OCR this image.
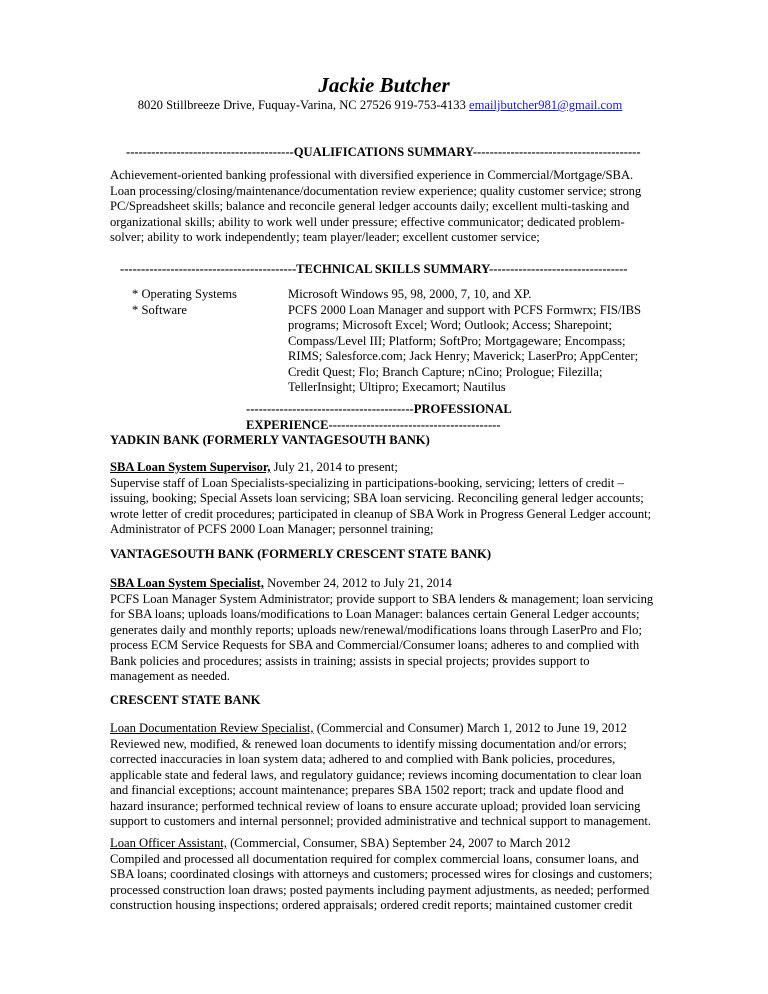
Jackie Butcher
8020 Stillbreeze Drive, Fuquay-Varina, NC 27526 919-753-4133 emailjbutcher981@gmail.com
----------------------------------------QUALIFICATIONS SUMMARY----------------------------------------
Achievement-oriented banking professional with diversified experience in Commercial/Mortgage/SBA.
Loan processing/closing/maintenance/documentation review experience; quality customer service; strong
PC/Spreadsheet skills; balance and reconcile general ledger accounts daily; excellent multi-tasking and
organizational skills; ability to work well under pressure; effective communicator; dedicated problem-
solver; ability to work independently; team player/leader; excellent customer service;
------------------------------------------TECHNICAL SKILLS SUMMARY---------------------------------
* Operating Systems	Microsoft Windows 95, 98, 2000, 7, 10, and XP.
* Software	PCFS 2000 Loan Manager and support with PCFS Formwrx; FIS/IBS
programs; Microsoft Excel; Word; Outlook; Access; Sharepoint;
Compass/Level III; Platform; SoftPro; Mortgageware; Encompass;
RIMS; Salesforce.com; Jack Henry; Maverick; LaserPro; AppCenter;
Credit Quest; Flo; Branch Capture; nCino; Prologue; Filezilla;
TellerInsight; Ultipro; Execamort; Nautilus
----------------------------------------PROFESSIONAL
EXPERIENCE-----------------------------------------
YADKIN BANK (FORMERLY VANTAGESOUTH BANK)
SBA Loan System Supervisor, July 21, 2014 to present;
Supervise staff of Loan Specialists-specializing in participations-booking, servicing; letters of credit –
issuing, booking; Special Assets loan servicing; SBA loan servicing. Reconciling general ledger accounts;
wrote letter of credit procedures; participated in cleanup of SBA Work in Progress General Ledger account;
Administrator of PCFS 2000 Loan Manager; personnel training;
VANTAGESOUTH BANK (FORMERLY CRESCENT STATE BANK)
SBA Loan System Specialist, November 24, 2012 to July 21, 2014
PCFS Loan Manager System Administrator; provide support to SBA lenders & management; loan servicing
for SBA loans; uploads loans/modifications to Loan Manager: balances certain General Ledger accounts;
generates daily and monthly reports; uploads new/renewal/modifications loans through LaserPro and Flo;
process ECM Service Requests for SBA and Commercial/Consumer loans; adheres to and complied with
Bank policies and procedures; assists in training; assists in special projects; provides support to
management as needed.
CRESCENT STATE BANK
Loan Documentation Review Specialist, (Commercial and Consumer) March 1, 2012 to June 19, 2012
Reviewed new, modified, & renewed loan documents to identify missing documentation and/or errors;
corrected inaccuracies in loan system data; adhered to and complied with Bank policies, procedures,
applicable state and federal laws, and regulatory guidance; reviews incoming documentation to clear loan
and financial exceptions; account maintenance; prepares SBA 1502 report; track and update flood and
hazard insurance; performed technical review of loans to ensure accurate upload; provided loan servicing
support to customers and internal personnel; provided administrative and technical support to management.
Loan Officer Assistant, (Commercial, Consumer, SBA) September 24, 2007 to March 2012
Compiled and processed all documentation required for complex commercial loans, consumer loans, and
SBA loans; coordinated closings with attorneys and customers; processed wires for closings and customers;
processed construction loan draws; posted payments including payment adjustments, as needed; performed
construction housing inspections; ordered appraisals; ordered credit reports; maintained customer credit
